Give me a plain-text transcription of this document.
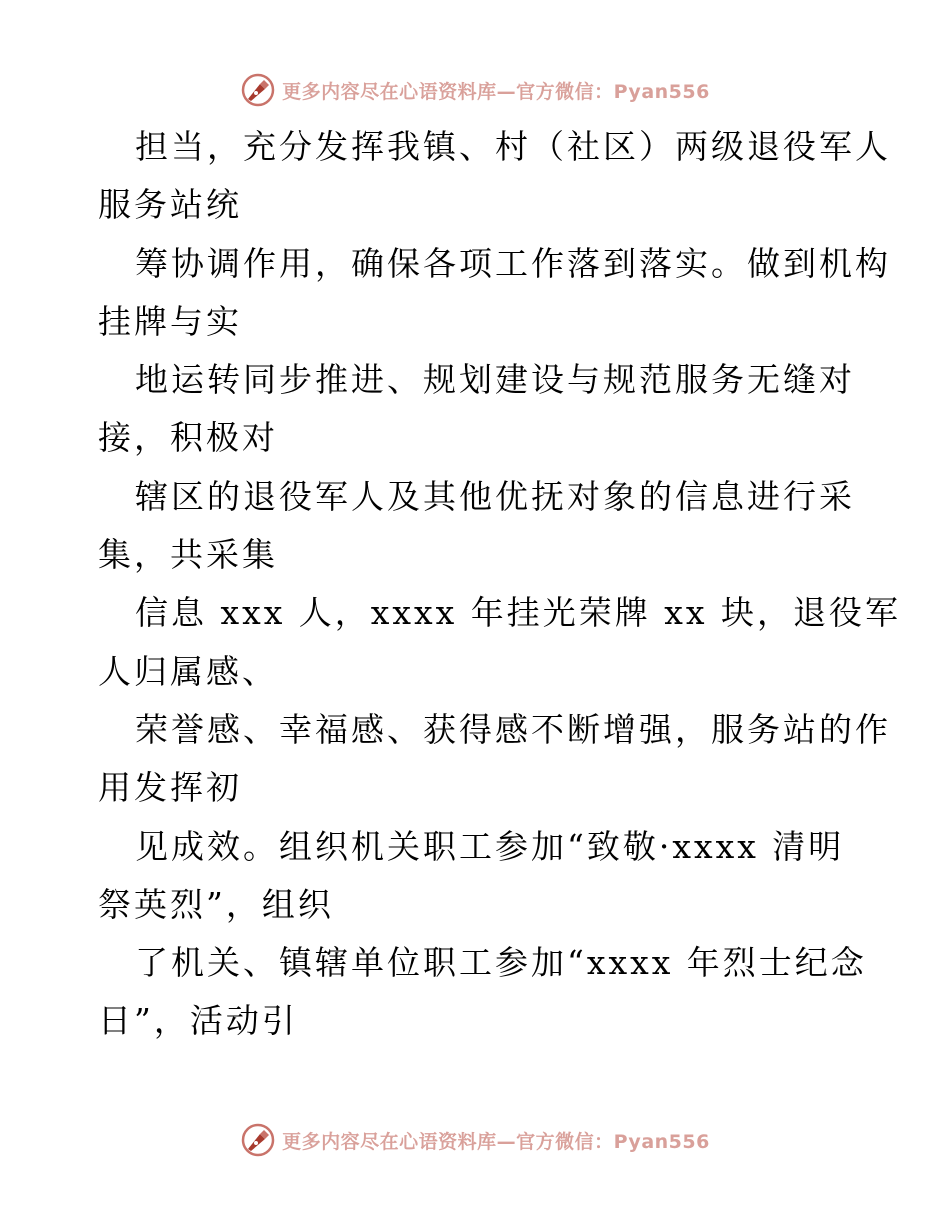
更多内容尽在心语资料库—官方微信：Pyan556
担当，充分发挥我镇、村（社区）两级退役军人
服务站统
筹协调作用，确保各项工作落到落实。做到机构
挂牌与实
地运转同步推进、规划建设与规范服务无缝对
接，积极对
辖区的退役军人及其他优抚对象的信息进行采
集，共采集
信息 xxx 人，xxxx 年挂光荣牌 xx 块，退役军
人归属感、
荣誉感、幸福感、获得感不断增强，服务站的作
用发挥初
见成效。组织机关职工参加“致敬·xxxx 清明
祭英烈”，组织
了机关、镇辖单位职工参加“xxxx 年烈士纪念
日”，活动引
更多内容尽在心语资料库—官方微信：Pyan556
